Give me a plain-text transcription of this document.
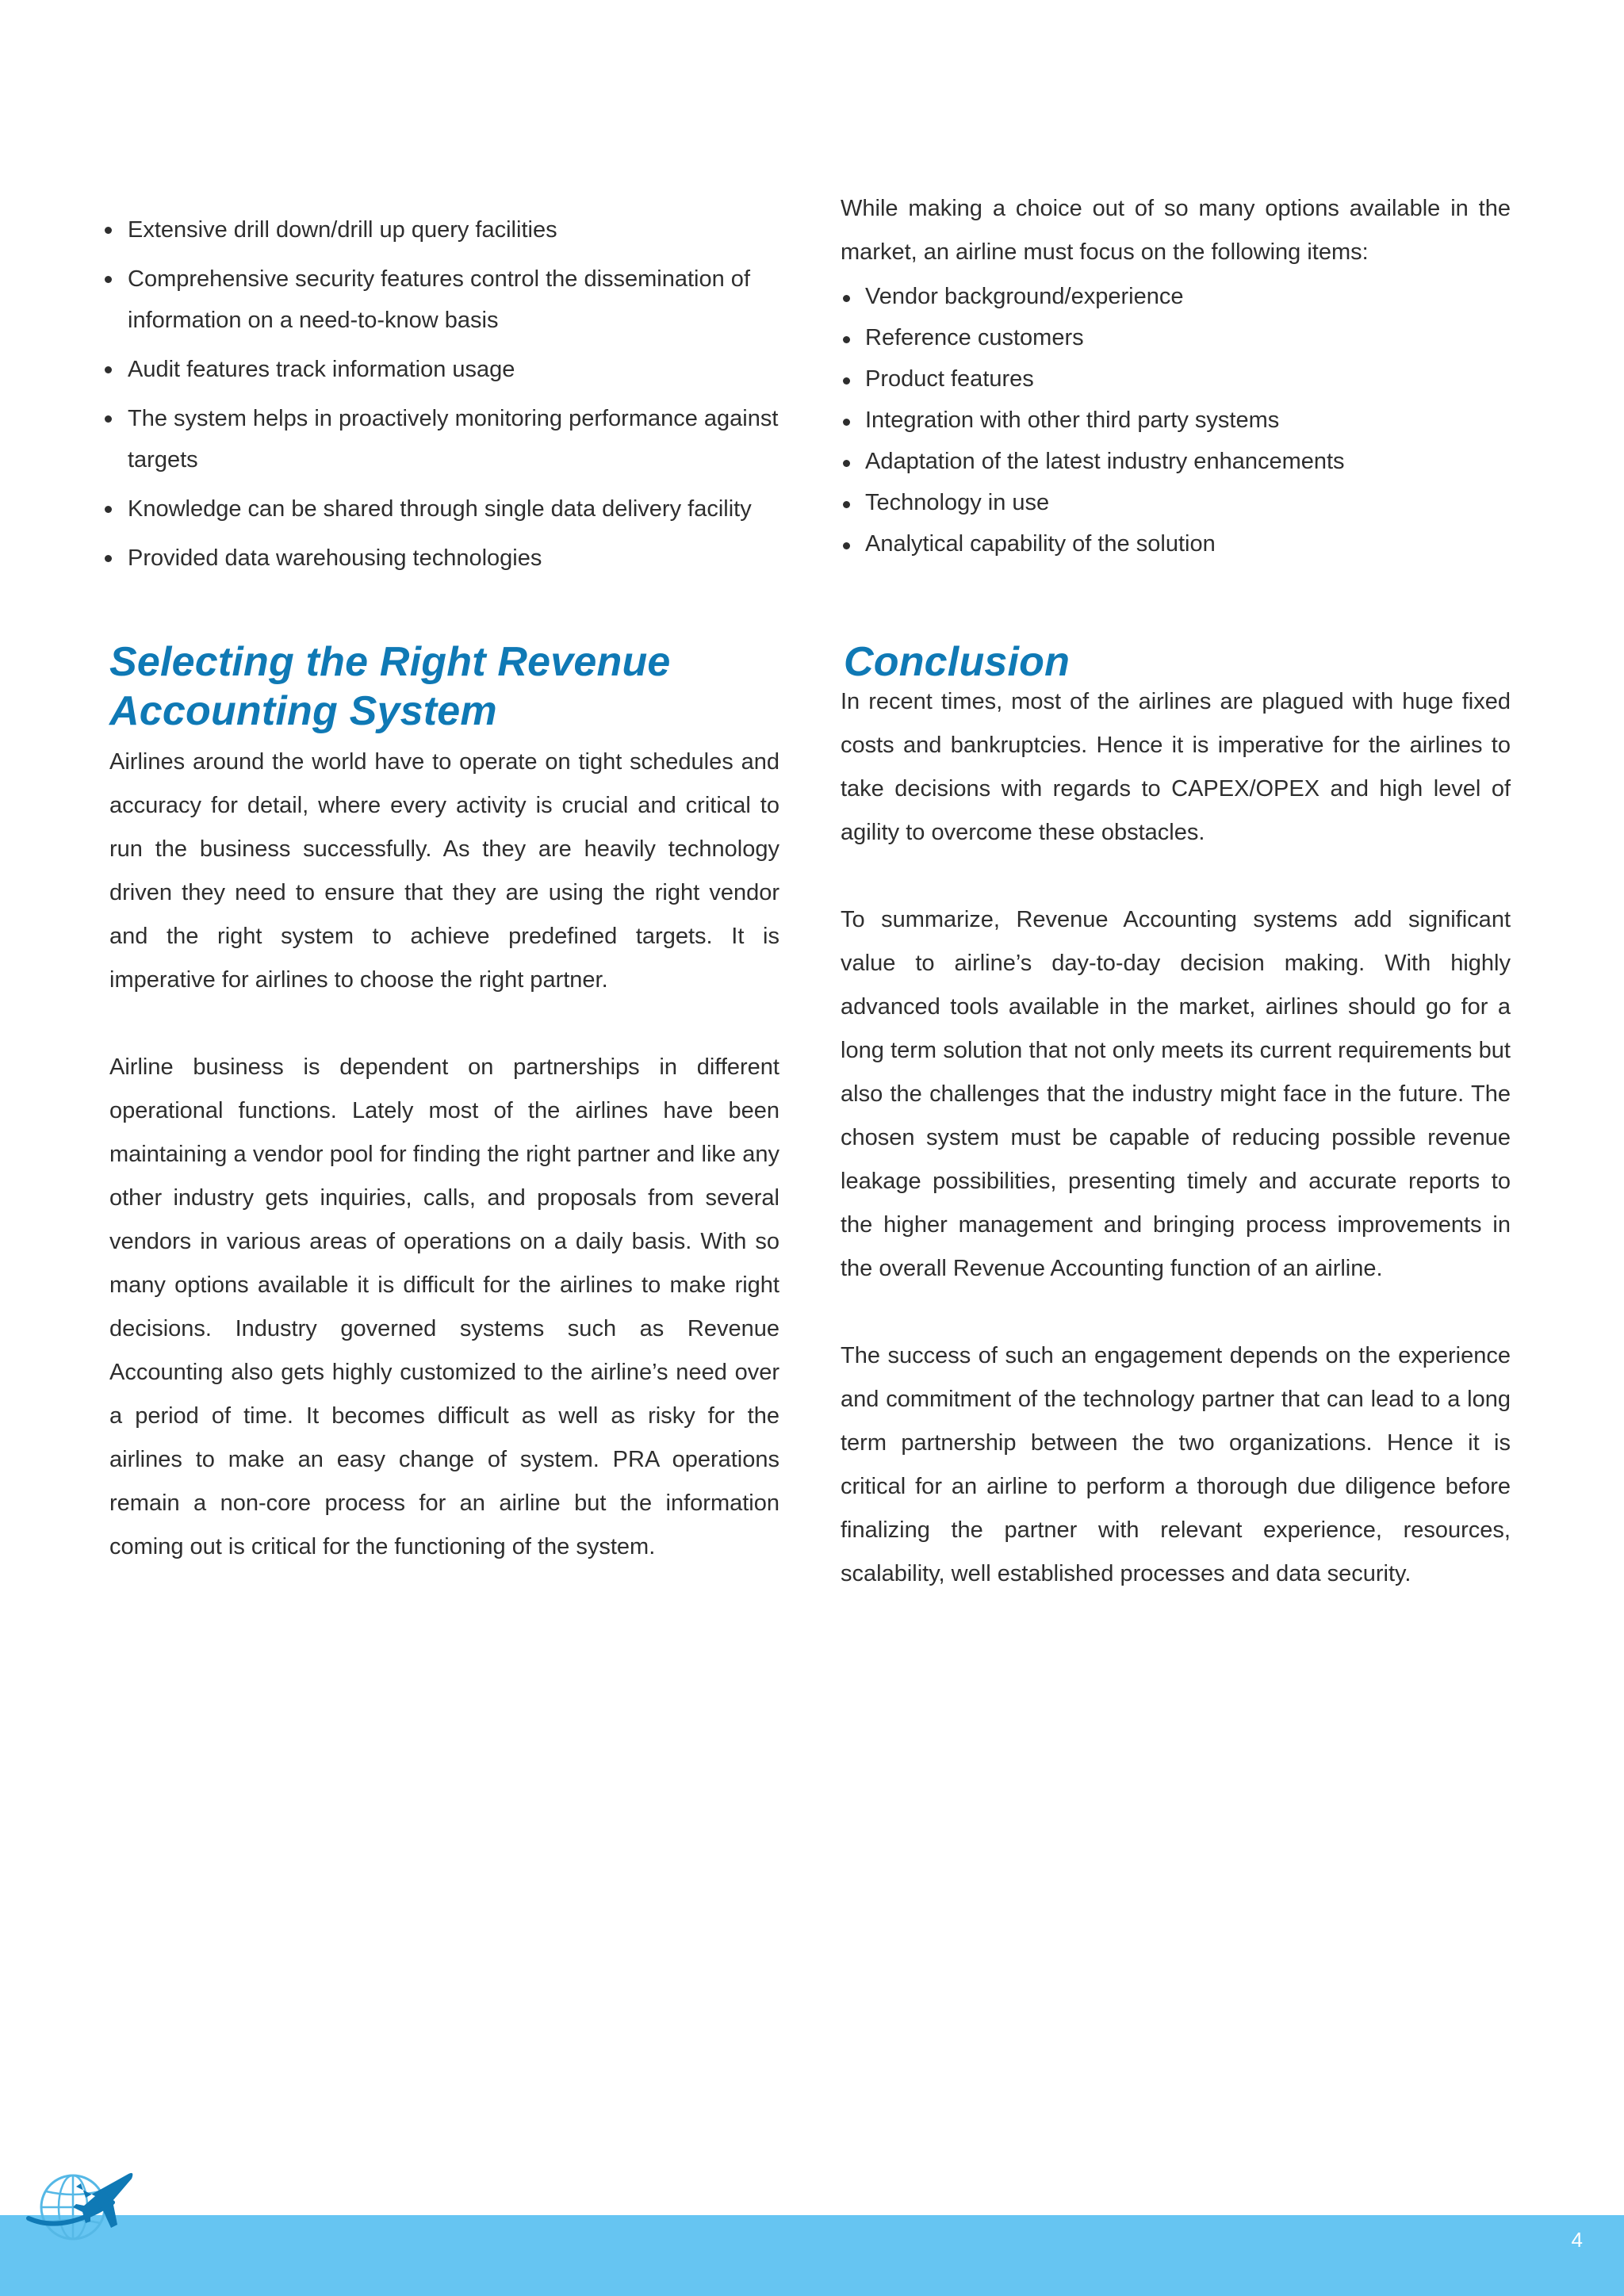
Extensive drill down/drill up query facilities
Comprehensive security features control the dissemination of information on a need-to-know basis
Audit features track information usage
The system helps in proactively monitoring performance against targets
Knowledge can be shared through single data delivery facility
Provided data warehousing technologies
Selecting the Right Revenue
Accounting System

Airlines around the world have to operate on tight schedules and accuracy for detail, where every activity is crucial and critical to run the business successfully. As they are heavily technology driven they need to ensure that they are using the right vendor and the right system to achieve predefined targets. It is imperative for airlines to choose the right partner.

Airline business is dependent on partnerships in different operational functions. Lately most of the airlines have been maintaining a vendor pool for finding the right partner and like any other industry gets inquiries, calls, and proposals from several vendors in various areas of operations on a daily basis. With so many options available it is difficult for the airlines to make right decisions. Industry governed systems such as Revenue Accounting also gets highly customized to the airline’s need over a period of time. It becomes difficult as well as risky for the airlines to make an easy change of system. PRA operations remain a non-core process for an airline but the information coming out is critical for the functioning of the system.

While making a choice out of so many options available in the market, an airline must focus on the following items:

Vendor background/experience
Reference customers
Product features
Integration with other third party systems
Adaptation of the latest industry enhancements
Technology in use
Analytical capability of the solution
Conclusion

In recent times, most of the airlines are plagued with huge fixed costs and bankruptcies. Hence it is imperative for the airlines to take decisions with regards to CAPEX/OPEX and high level of agility to overcome these obstacles.

To summarize, Revenue Accounting systems add significant value to airline’s day-to-day decision making. With highly advanced tools available in the market, airlines should go for a long term solution that not only meets its current requirements but also the challenges that the industry might face in the future. The chosen system must be capable of reducing possible revenue leakage possibilities, presenting timely and accurate reports to the higher management and bringing process improvements in the overall Revenue Accounting function of an airline.

The success of such an engagement depends on the experience and commitment of the technology partner that can lead to a long term partnership between the two organizations. Hence it is critical for an airline to perform a thorough due diligence before finalizing the partner with relevant experience, resources, scalability, well established processes and data security.

4
